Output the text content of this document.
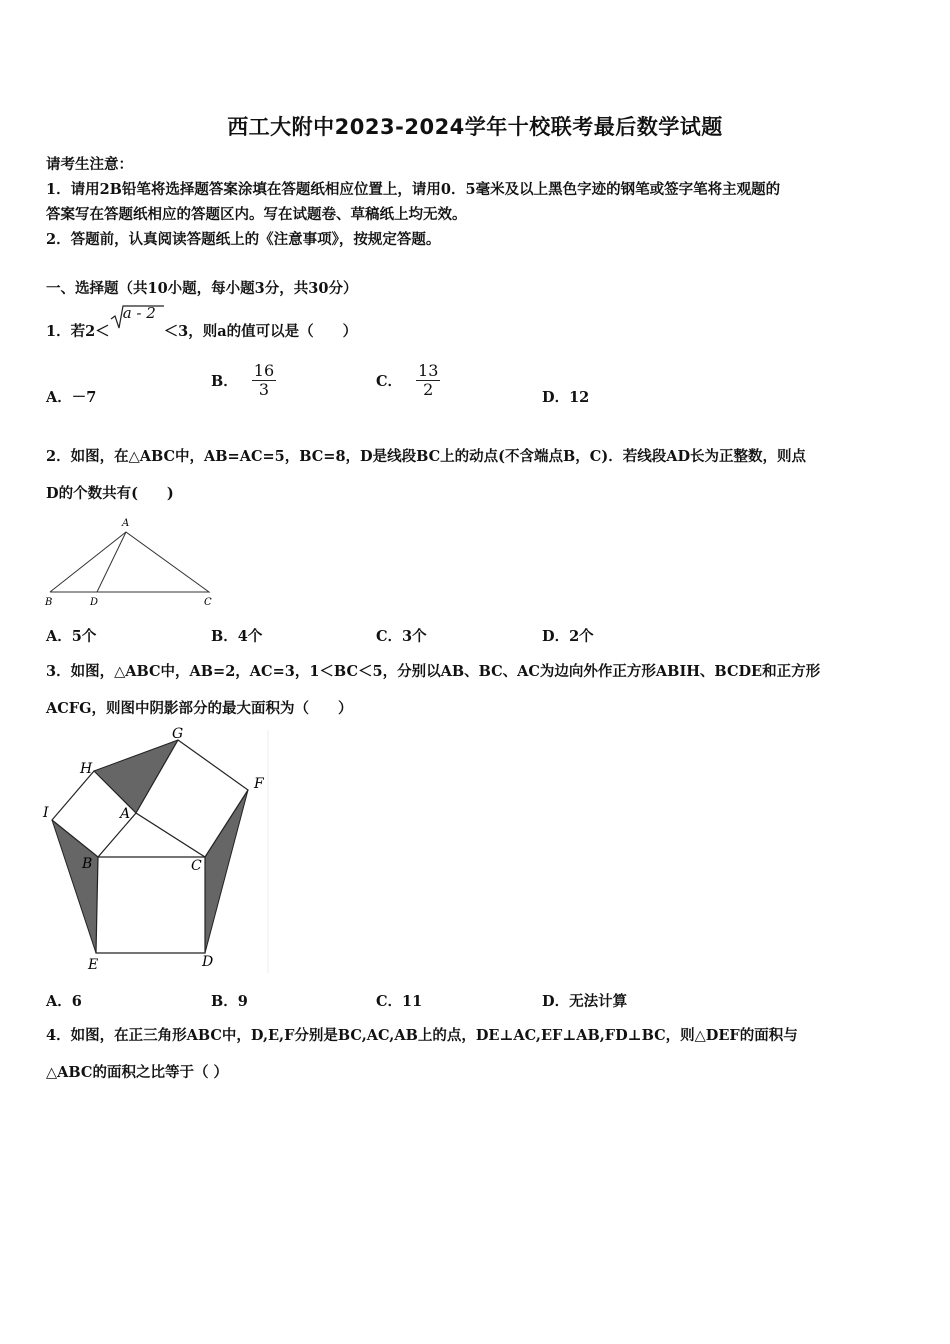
西工大附中2023-2024学年十校联考最后数学试题
请考生注意：
1．请用2B铅笔将选择题答案涂填在答题纸相应位置上，请用0．5毫米及以上黑色字迹的钢笔或签字笔将主观题的
答案写在答题纸相应的答题区内。写在试题卷、草稿纸上均无效。
2．答题前，认真阅读答题纸上的《注意事项》，按规定答题。
一、选择题（共10小题，每小题3分，共30分）
1．若2＜
a - 2
＜3，则a的值可以是（　　）
A．－7
B． $\frac{16}{3}$	C． $\frac{13}{2}$	D．12
2．如图，在△ABC中，AB=AC=5，BC=8，D是线段BC上的动点(不含端点B，C)．若线段AD长为正整数，则点
D的个数共有(　　)
A
B	D	C
A．5个	B．4个	C．3个	D．2个
3．如图，△ABC中，AB=2，AC=3，1＜BC＜5，分别以AB、BC、AC为边向外作正方形ABIH、BCDE和正方形
ACFG，则图中阴影部分的最大面积为（　　）
G
H
F
I	A
B	C
E	D
A．6	B．9	C．11	D．无法计算
4．如图，在正三角形ABC中，D,E,F分别是BC,AC,AB上的点，DE⊥AC,EF⊥AB,FD⊥BC，则△DEF的面积与
△ABC的面积之比等于（ ）
